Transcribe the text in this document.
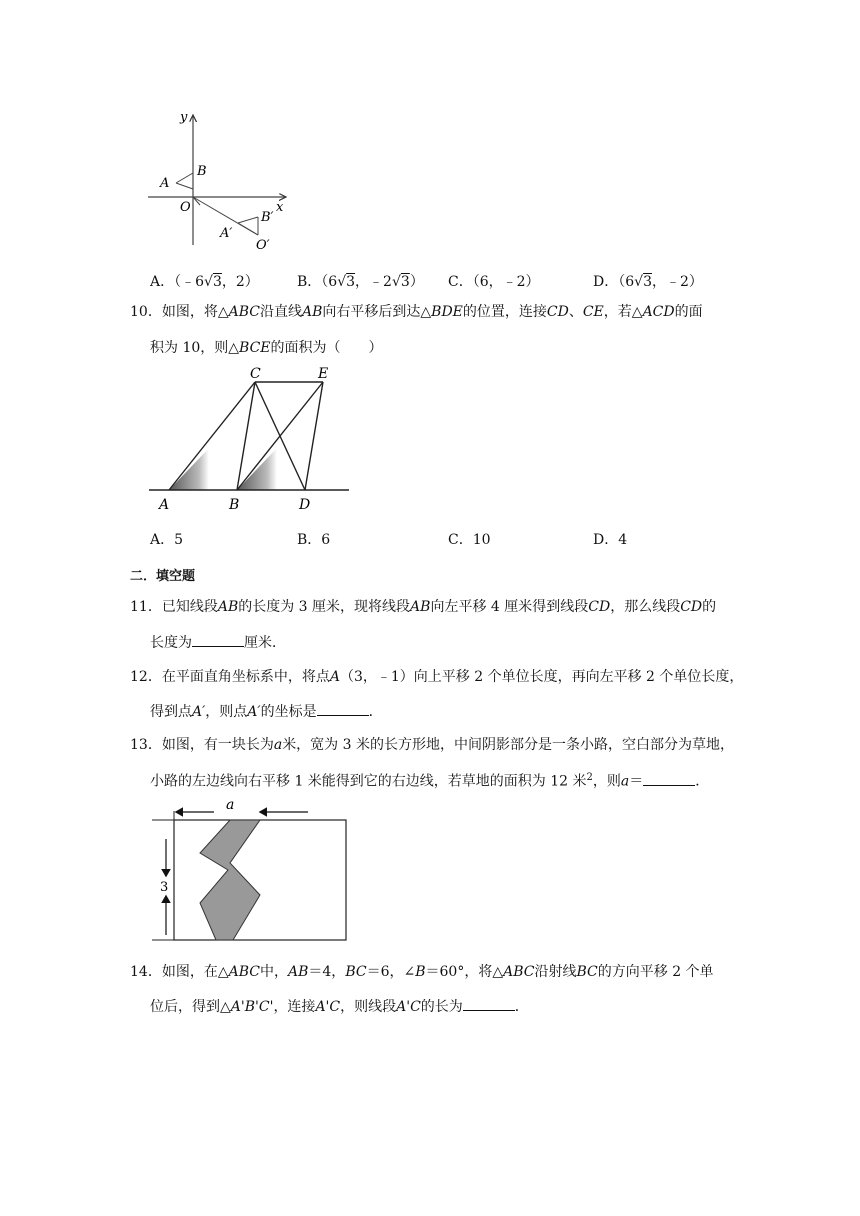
y
x
A
B
O
A′
B′
O′
A．（﹣6√3，2）	B．（6√3，﹣2√3） C．（6，﹣2）	D．（6√3，﹣2）
10．如图，将△ABC沿直线AB向右平移后到达△BDE的位置，连接CD、CE，若△ACD的面
积为 10，则△BCE的面积为（　　）
C	E
A	B	D
A．5	B．6	C．10	D．4
二．填空题
11．已知线段AB的长度为 3 厘米，现将线段AB向左平移 4 厘米得到线段CD，那么线段CD的
长度为	厘米．
12．在平面直角坐标系中，将点A（3，﹣1）向上平移 2 个单位长度，再向左平移 2 个单位长度，
得到点A′，则点A′的坐标是	．
13．如图，有一块长为a米，宽为 3 米的长方形地，中间阴影部分是一条小路，空白部分为草地，
小路的左边线向右平移 1 米能得到它的右边线，若草地的面积为 12 米$^2$，则a＝	．
3
a
14．如图，在△ABC中，AB＝4，BC＝6，∠B＝60°，将△ABC沿射线BC的方向平移 2 个单
位后，得到△A'B'C'，连接A'C，则线段A'C的长为	．
